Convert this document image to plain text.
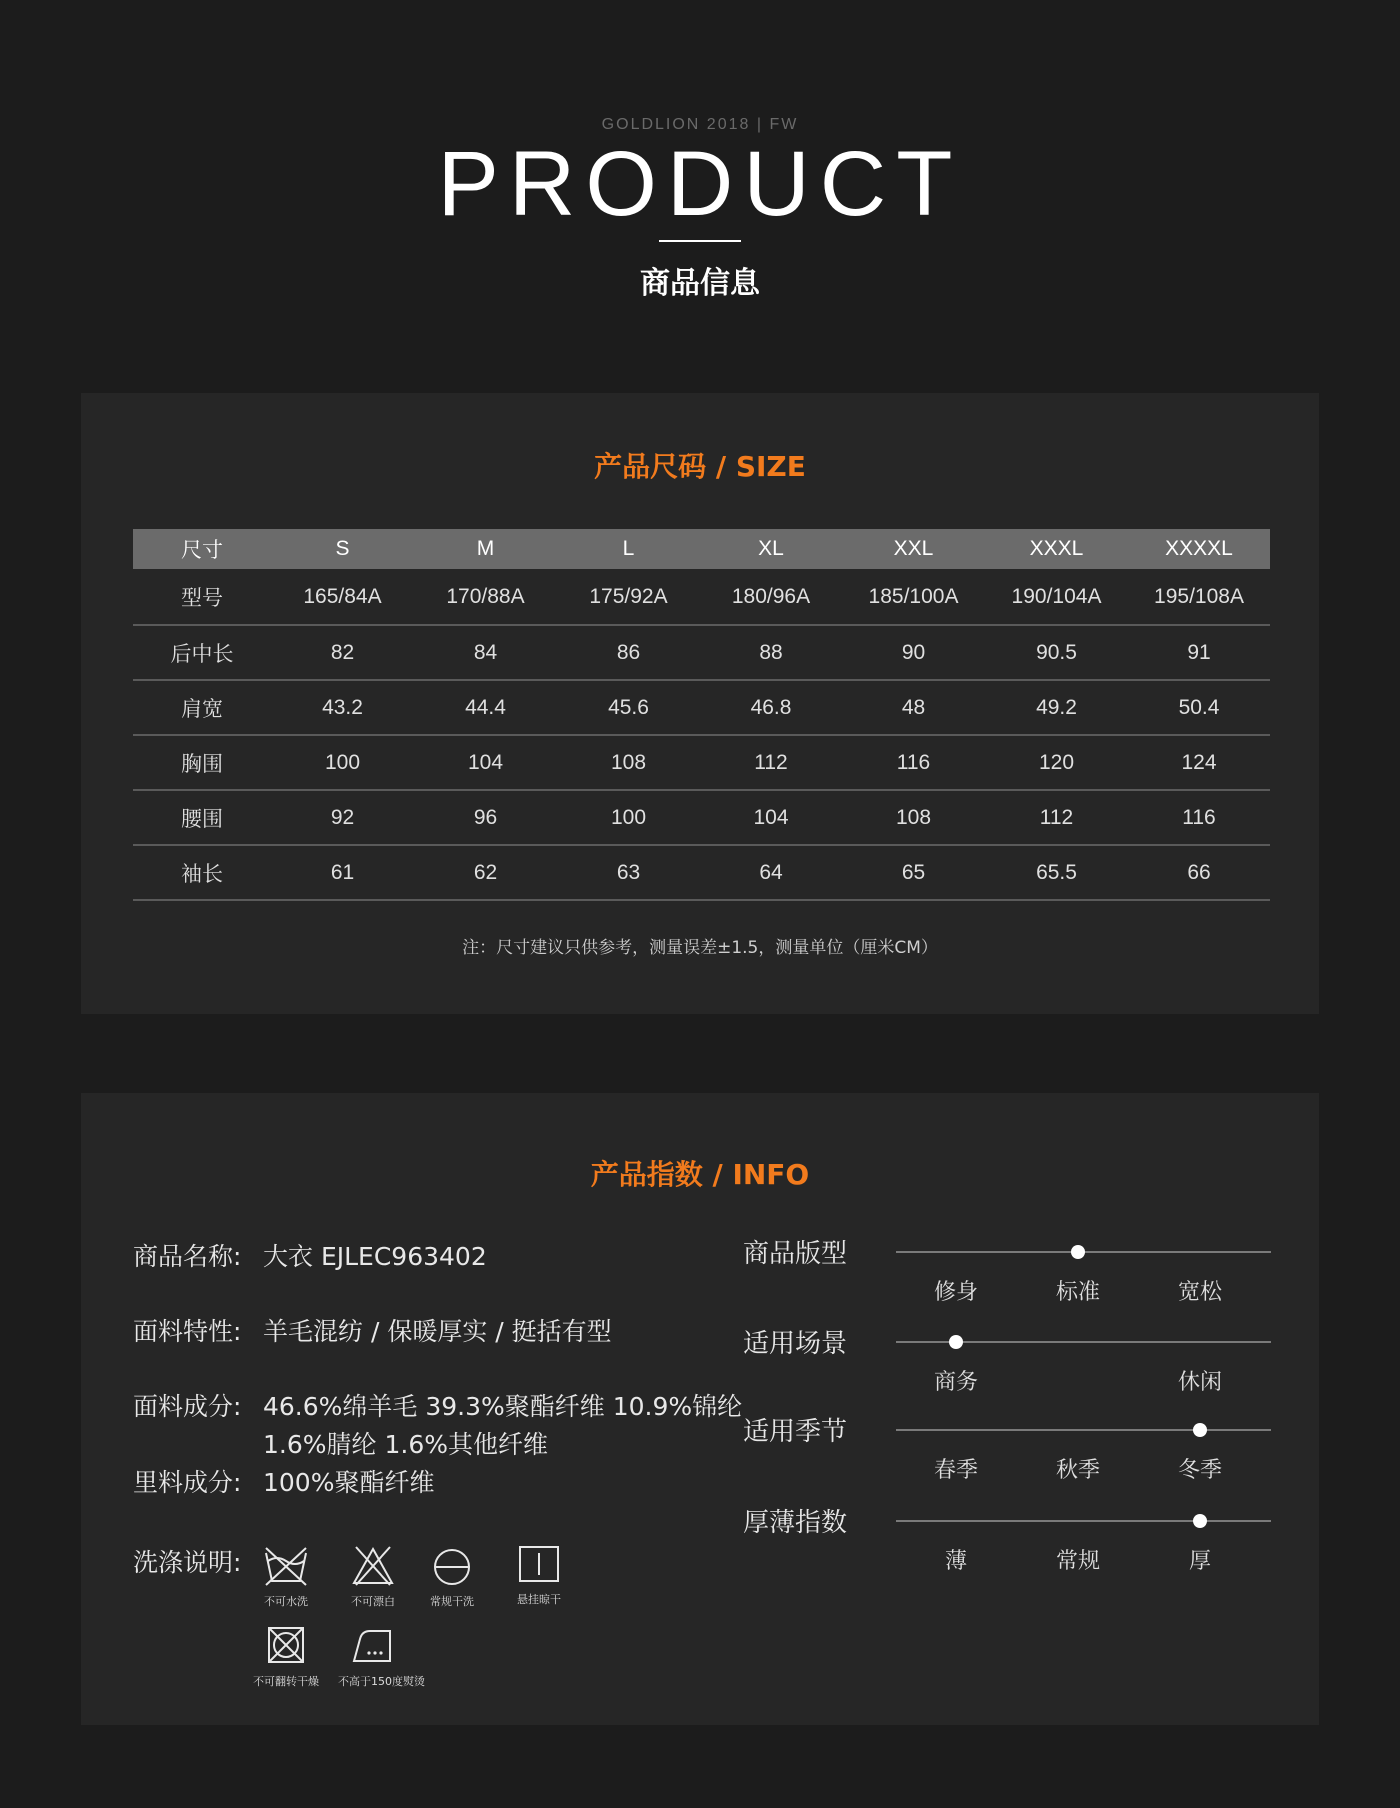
GOLDLION 2018 | FW
PRODUCT
商品信息
产品尺码 / SIZE
尺寸	S	M	L	XL	XXL	XXXL	XXXXL
型号	165/84A	170/88A	175/92A	180/96A	185/100A	190/104A	195/108A
后中长	82	84	86	88	90	90.5	91
肩宽	43.2	44.4	45.6	46.8	48	49.2	50.4
胸围	100	104	108	112	116	120	124
腰围	92	96	100	104	108	112	116
袖长	61	62	63	64	65	65.5	66
注：尺寸建议只供参考，测量误差±1.5，测量单位（厘米CM）
产品指数 / INFO
商品名称: 大衣 EJLEC963402
面料特性: 羊毛混纺 / 保暖厚实 / 挺括有型
面料成分: 46.6%绵羊毛 39.3%聚酯纤维 10.9%锦纶
1.6%腈纶 1.6%其他纤维
里料成分: 100%聚酯纤维
洗涤说明:
不可水洗	不可漂白	常规干洗	悬挂晾干
不可翻转干燥 不高于150度熨烫
商品版型
修身	标准	宽松
适用场景
商务	休闲
适用季节
春季	秋季	冬季
厚薄指数
薄	常规	厚
